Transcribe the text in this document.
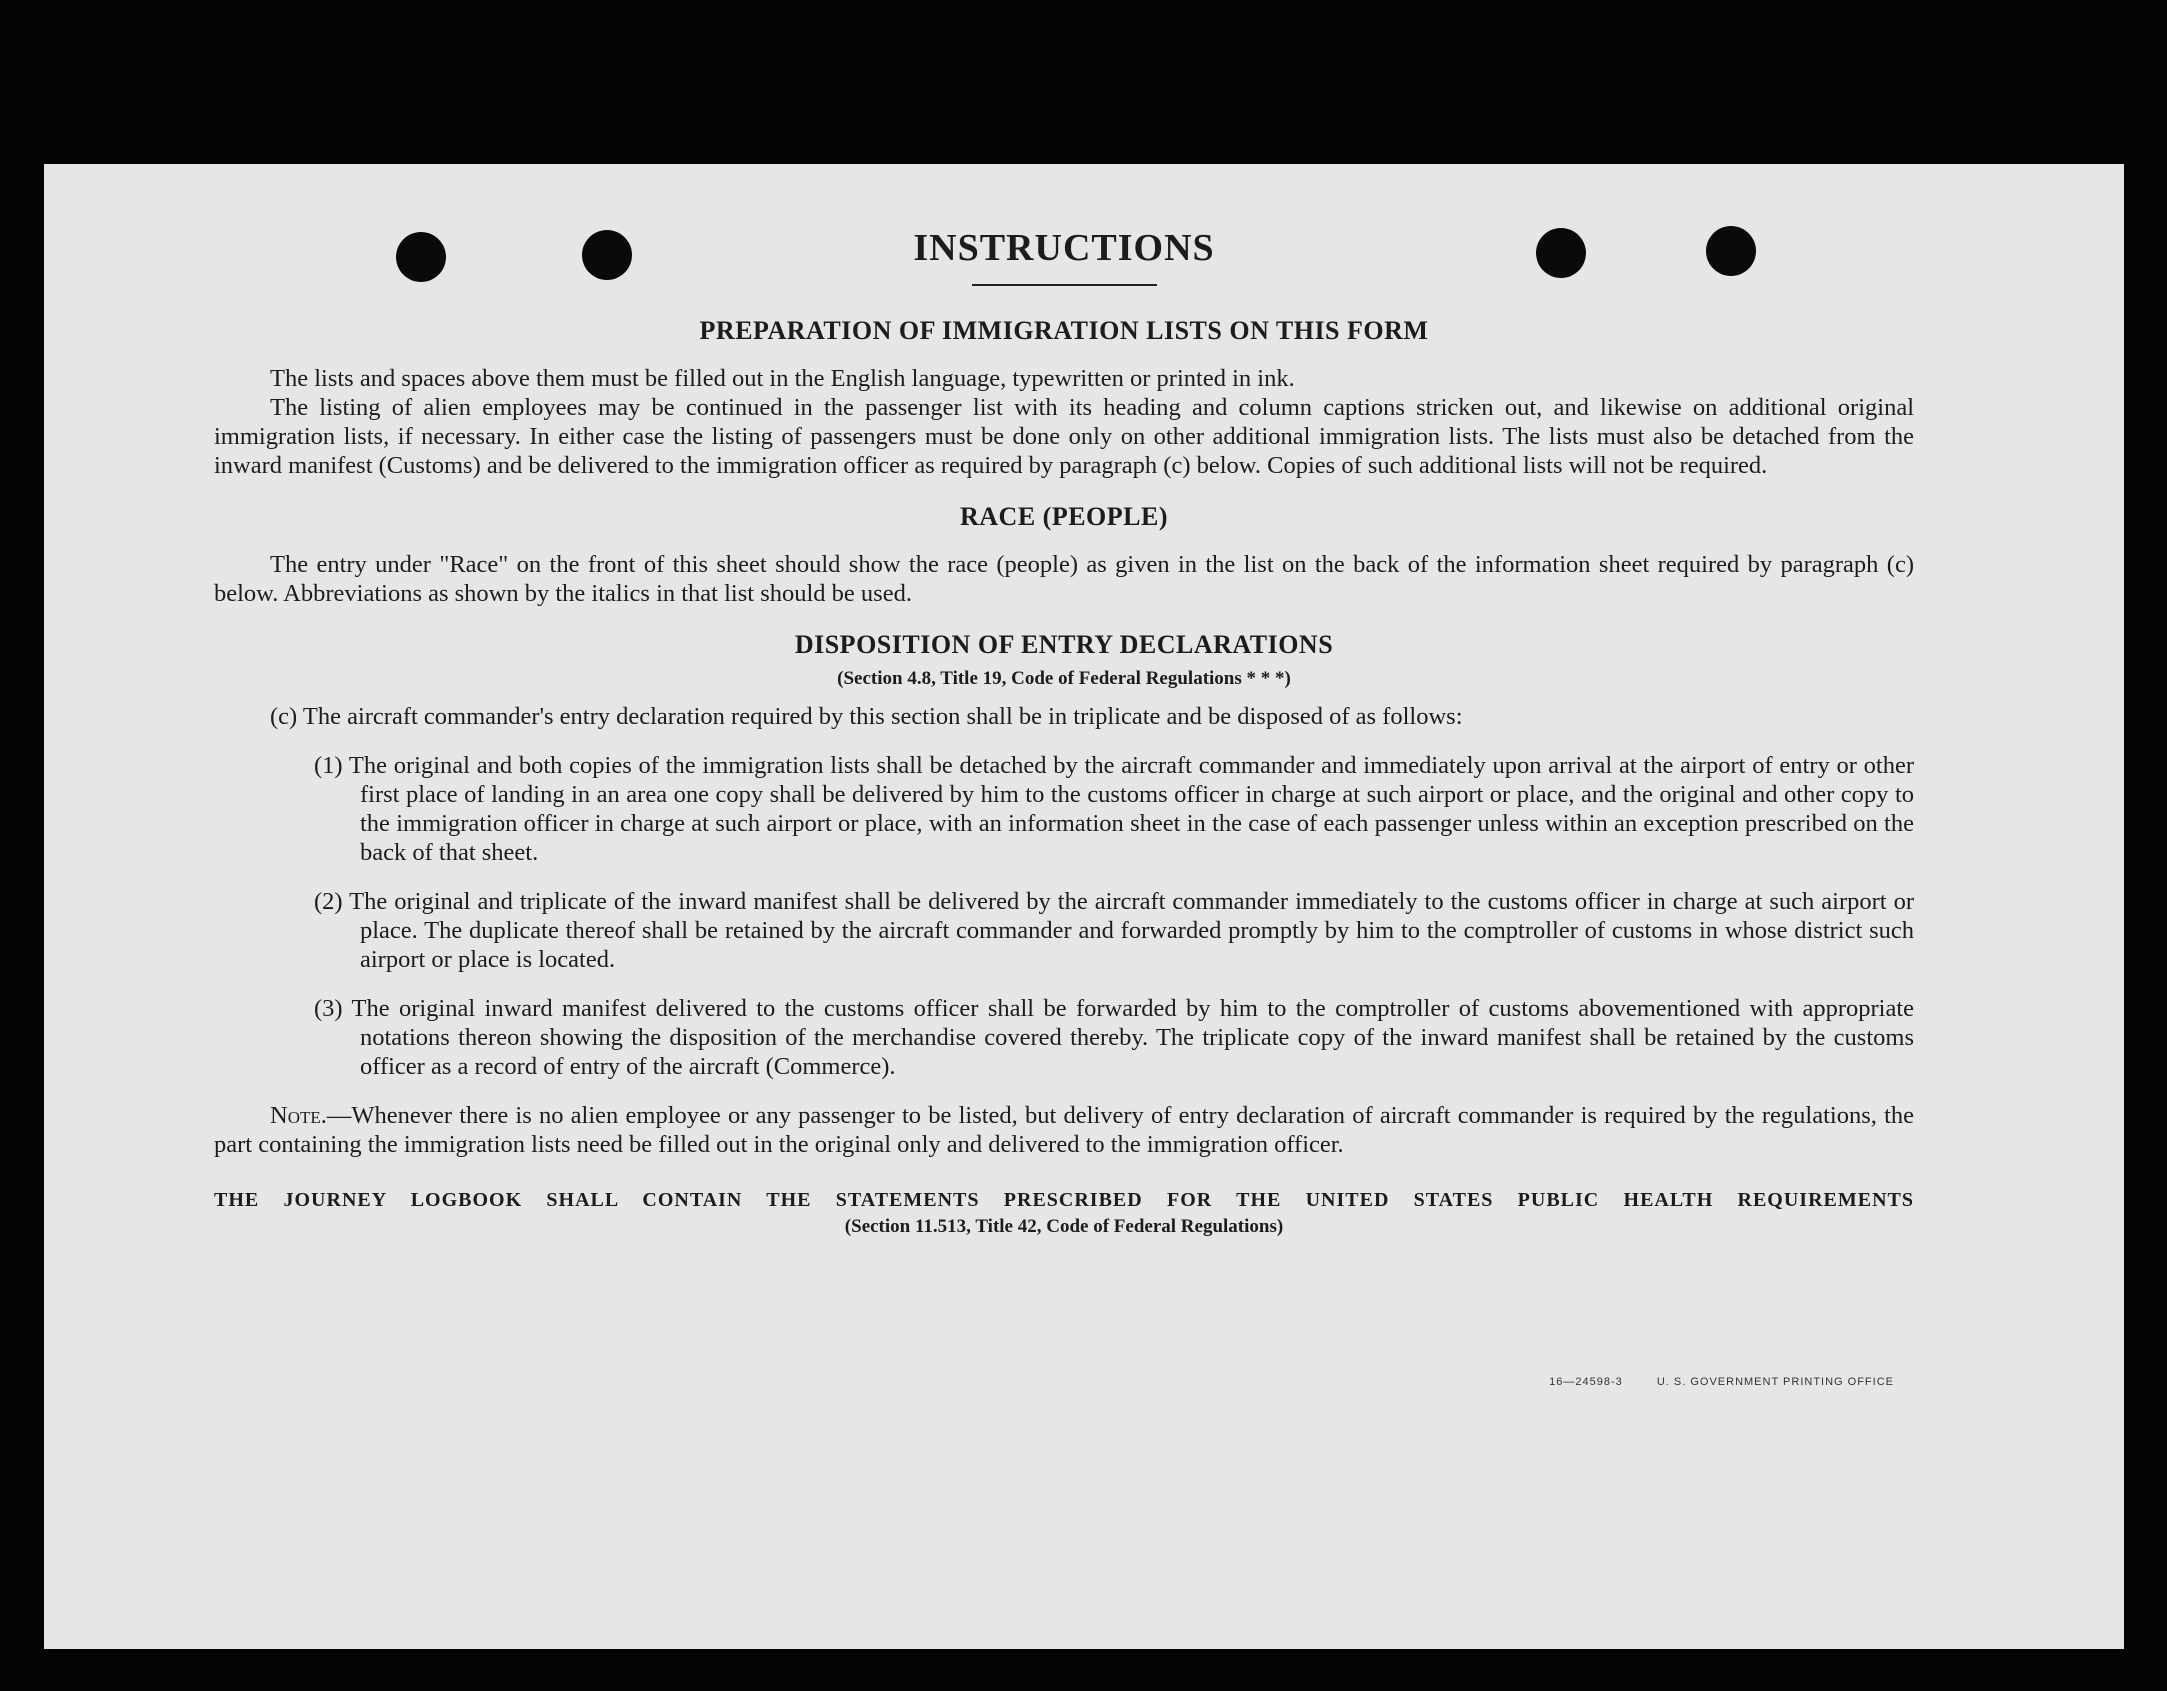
INSTRUCTIONS
PREPARATION OF IMMIGRATION LISTS ON THIS FORM

The lists and spaces above them must be filled out in the English language, typewritten or printed in ink.

The listing of alien employees may be continued in the passenger list with its heading and column captions stricken out, and likewise on additional original immigration lists, if necessary. In either case the listing of passengers must be done only on other additional immigration lists. The lists must also be detached from the inward manifest (Customs) and be delivered to the immigration officer as required by paragraph (c) below. Copies of such additional lists will not be required.

RACE (PEOPLE)

The entry under "Race" on the front of this sheet should show the race (people) as given in the list on the back of the information sheet required by paragraph (c) below. Abbreviations as shown by the italics in that list should be used.

DISPOSITION OF ENTRY DECLARATIONS
(Section 4.8, Title 19, Code of Federal Regulations * * *)

(c) The aircraft commander's entry declaration required by this section shall be in triplicate and be disposed of as follows:

(1) The original and both copies of the immigration lists shall be detached by the aircraft commander and immediately upon arrival at the airport of entry or other first place of landing in an area one copy shall be delivered by him to the customs officer in charge at such airport or place, and the original and other copy to the immigration officer in charge at such airport or place, with an information sheet in the case of each passenger unless within an exception prescribed on the back of that sheet.
(2) The original and triplicate of the inward manifest shall be delivered by the aircraft commander immediately to the customs officer in charge at such airport or place. The duplicate thereof shall be retained by the aircraft commander and forwarded promptly by him to the comptroller of customs in whose district such airport or place is located.
(3) The original inward manifest delivered to the customs officer shall be forwarded by him to the comptroller of customs abovementioned with appropriate notations thereon showing the disposition of the merchandise covered thereby. The triplicate copy of the inward manifest shall be retained by the customs officer as a record of entry of the aircraft (Commerce).

Note.—Whenever there is no alien employee or any passenger to be listed, but delivery of entry declaration of aircraft commander is required by the regulations, the part containing the immigration lists need be filled out in the original only and delivered to the immigration officer.

THE JOURNEY LOGBOOK SHALL CONTAIN THE STATEMENTS PRESCRIBED FOR THE UNITED STATES PUBLIC HEALTH REQUIREMENTS
(Section 11.513, Title 42, Code of Federal Regulations)
16—24598-3	U. S. GOVERNMENT PRINTING OFFICE
